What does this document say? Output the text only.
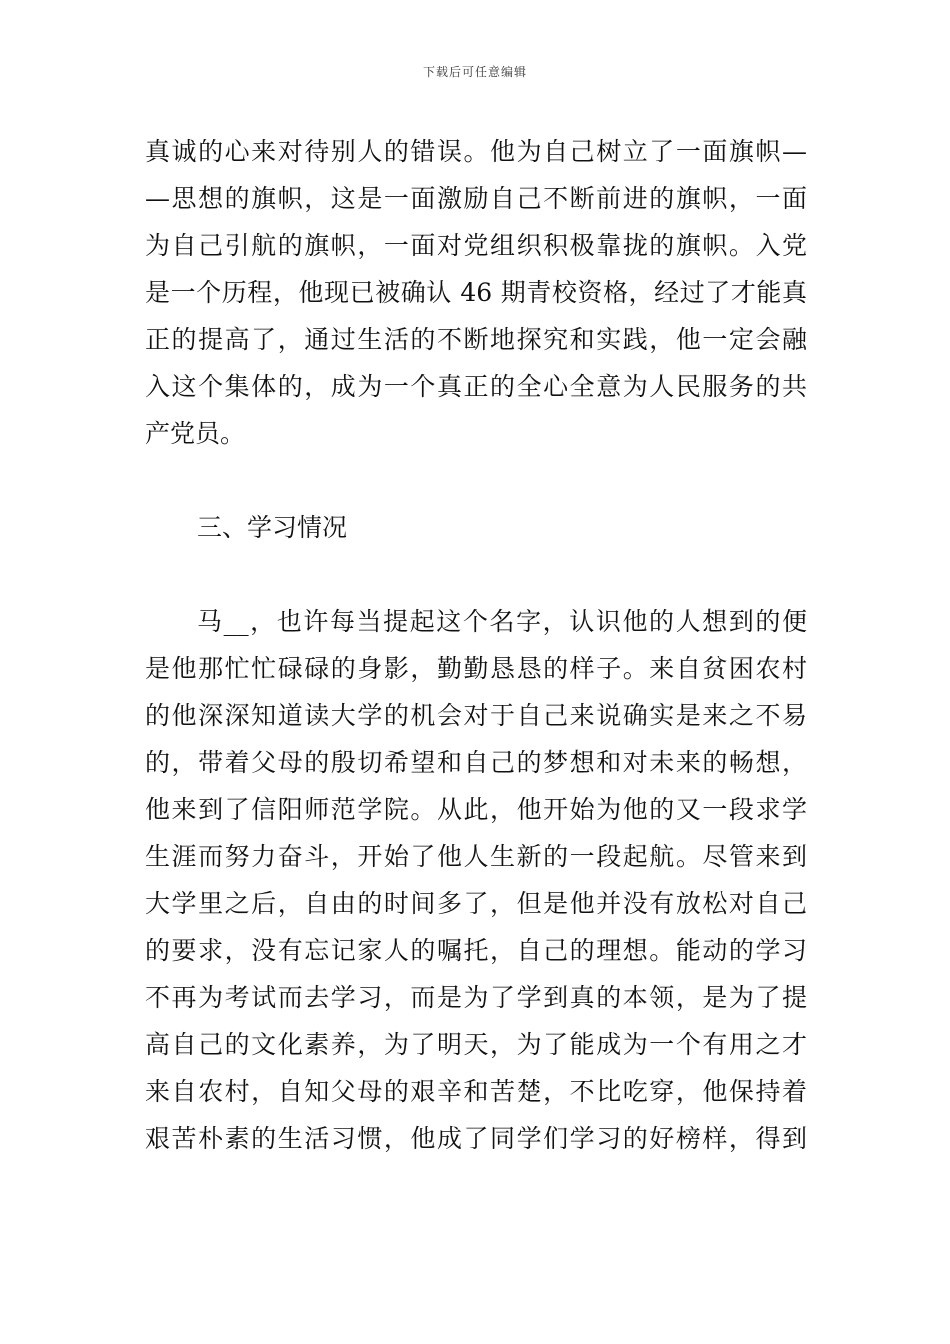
下载后可任意编辑
真诚的心来对待别人的错误。他为自己树立了一面旗帜—
—思想的旗帜，这是一面激励自己不断前进的旗帜，一面
为自己引航的旗帜，一面对党组织积极靠拢的旗帜。入党
是一个历程，他现已被确认 46 期青校资格，经过了才能真
正的提高了，通过生活的不断地探究和实践，他一定会融
入这个集体的，成为一个真正的全心全意为人民服务的共
产党员。
三、学习情况
马__，也许每当提起这个名字，认识他的人想到的便
是他那忙忙碌碌的身影，勤勤恳恳的样子。来自贫困农村
的他深深知道读大学的机会对于自己来说确实是来之不易
的，带着父母的殷切希望和自己的梦想和对未来的畅想，
他来到了信阳师范学院。从此，他开始为他的又一段求学
生涯而努力奋斗，开始了他人生新的一段起航。尽管来到
大学里之后，自由的时间多了，但是他并没有放松对自己
的要求，没有忘记家人的嘱托，自己的理想。能动的学习
不再为考试而去学习，而是为了学到真的本领，是为了提
高自己的文化素养，为了明天，为了能成为一个有用之才
来自农村，自知父母的艰辛和苦楚，不比吃穿，他保持着
艰苦朴素的生活习惯，他成了同学们学习的好榜样，得到
